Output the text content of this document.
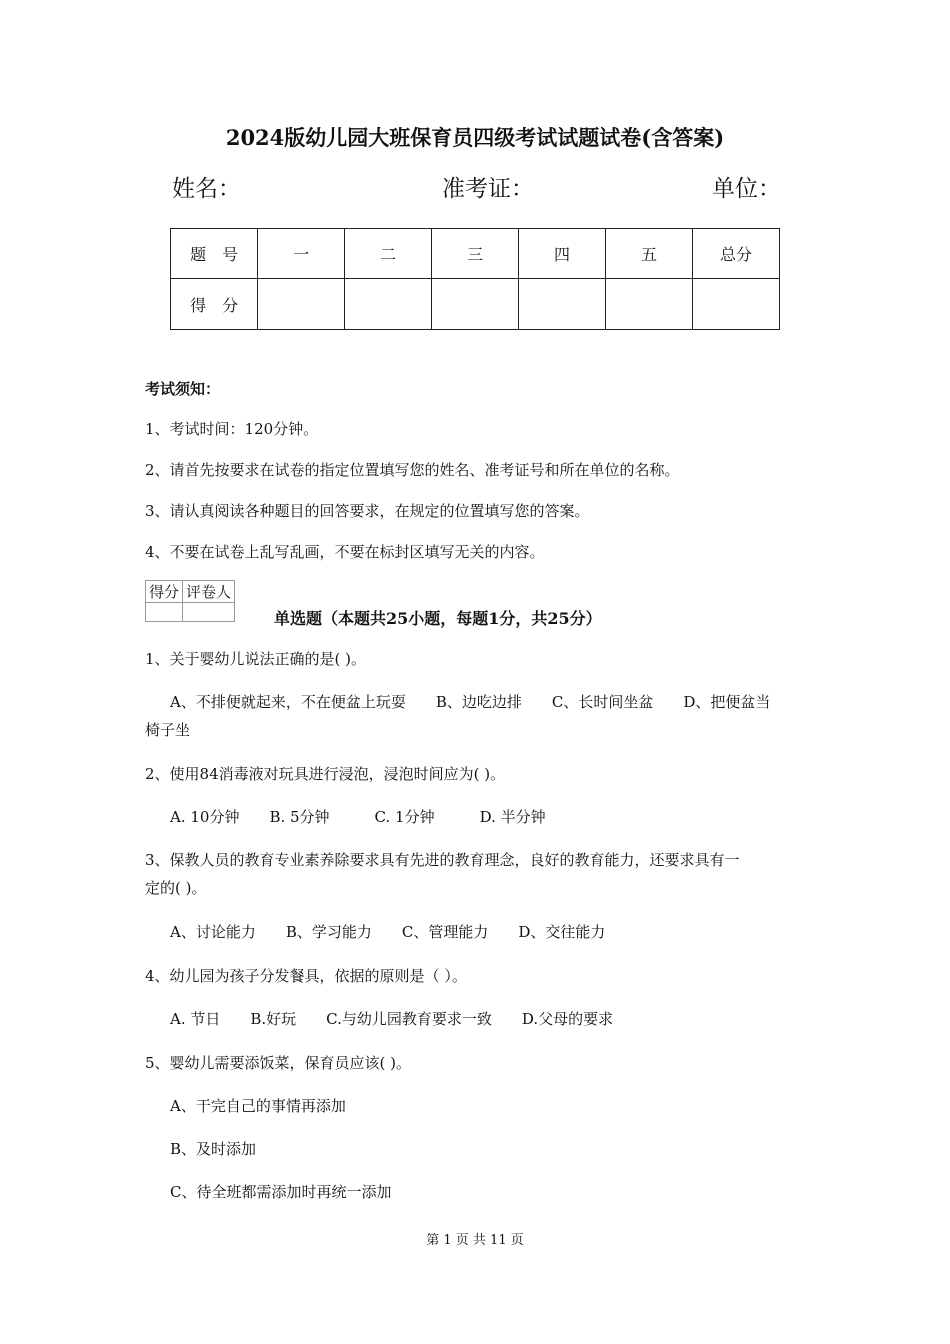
2024版幼儿园大班保育员四级考试试题试卷(含答案)
姓名：	准考证：	单位：
题　号	一	二	三	四	五	总分
得　分						
考试须知：
1、考试时间：120分钟。
2、请首先按要求在试卷的指定位置填写您的姓名、准考证号和所在单位的名称。
3、请认真阅读各种题目的回答要求，在规定的位置填写您的答案。
4、不要在试卷上乱写乱画，不要在标封区填写无关的内容。
得分	评卷人

单选题（本题共25小题，每题1分，共25分）
1、关于婴幼儿说法正确的是( )。
A、不排便就起来，不在便盆上玩耍　　B、边吃边排　　C、长时间坐盆　　D、把便盆当
椅子坐
2、使用84消毒液对玩具进行浸泡，浸泡时间应为( )。
A. 10分钟　　B. 5分钟　　　C. 1分钟　　　D. 半分钟
3、保教人员的教育专业素养除要求具有先进的教育理念，良好的教育能力，还要求具有一
定的( )。
A、讨论能力　　B、学习能力　　C、管理能力　　D、交往能力
4、幼儿园为孩子分发餐具，依据的原则是（ ）。
A. 节日　　B.好玩　　C.与幼儿园教育要求一致　　D.父母的要求
5、婴幼儿需要添饭菜，保育员应该( )。
A、干完自己的事情再添加
B、及时添加
C、待全班都需添加时再统一添加
第 1 页 共 11 页
